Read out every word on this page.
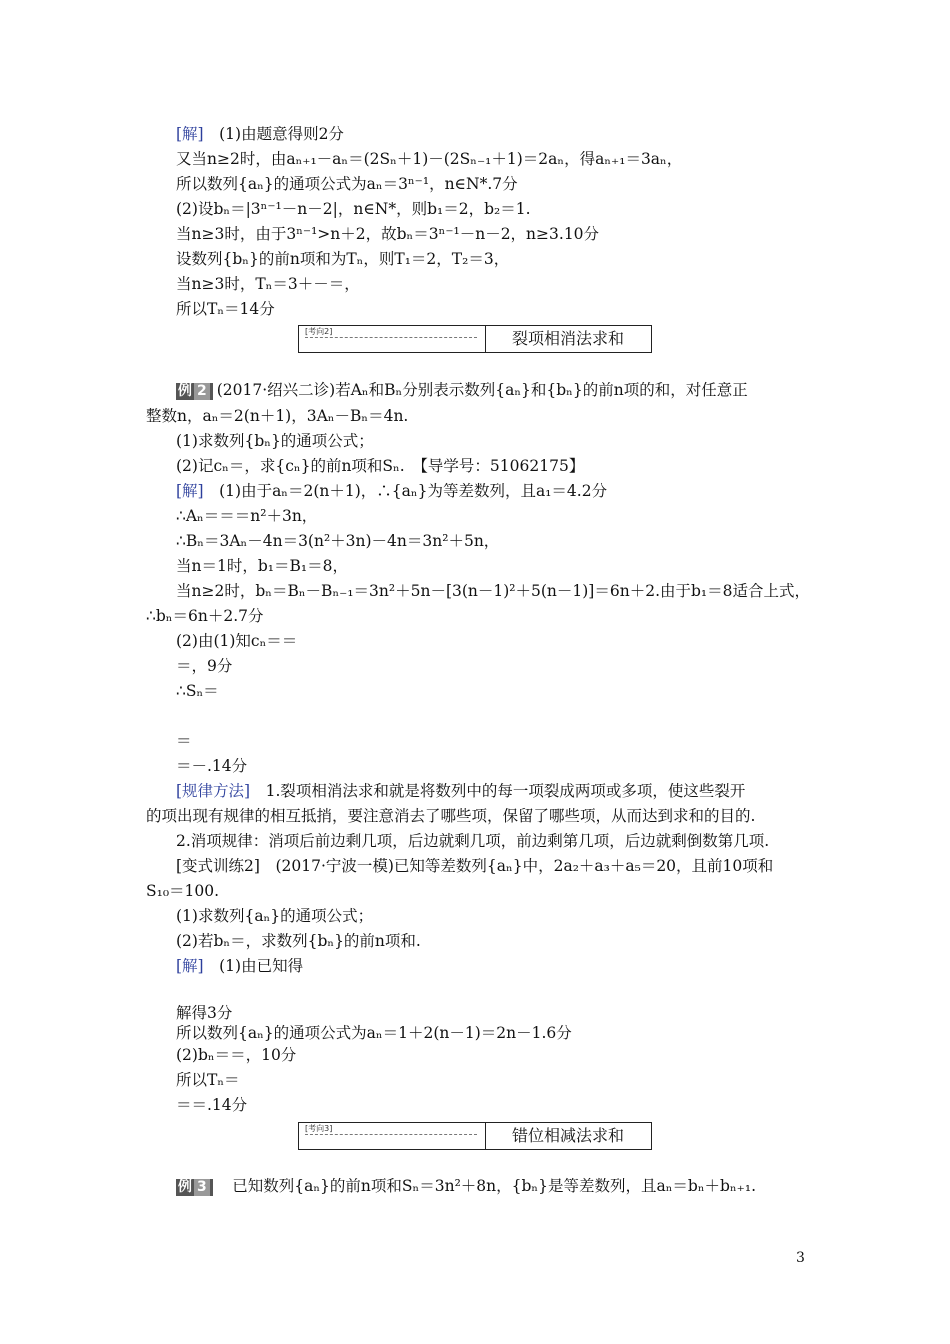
[解]　(1)由题意得则2分
又当n≥2时，由aₙ₊₁－aₙ＝(2Sₙ＋1)－(2Sₙ₋₁＋1)＝2aₙ，得aₙ₊₁＝3aₙ，
所以数列{aₙ}的通项公式为aₙ＝3ⁿ⁻¹，n∈N*.7分
(2)设bₙ＝|3ⁿ⁻¹－n－2|，n∈N*，则b₁＝2，b₂＝1.
当n≥3时，由于3ⁿ⁻¹>n＋2，故bₙ＝3ⁿ⁻¹－n－2，n≥3.10分
设数列{bₙ}的前n项和为Tₙ，则T₁＝2，T₂＝3，
当n≥3时，Tₙ＝3＋－＝，
所以Tₙ＝14分
例 2 (2017·绍兴二诊)若Aₙ和Bₙ分别表示数列{aₙ}和{bₙ}的前n项的和，对任意正
整数n，aₙ＝2(n＋1)，3Aₙ－Bₙ＝4n.
(1)求数列{bₙ}的通项公式；
(2)记cₙ＝，求{cₙ}的前n项和Sₙ.　【导学号：51062175】
[解]　(1)由于aₙ＝2(n＋1)，∴{aₙ}为等差数列，且a₁＝4.2分
∴Aₙ＝＝＝n²＋3n，
∴Bₙ＝3Aₙ－4n＝3(n²＋3n)－4n＝3n²＋5n，
当n＝1时，b₁＝B₁＝8，
当n≥2时，bₙ＝Bₙ－Bₙ₋₁＝3n²＋5n－[3(n－1)²＋5(n－1)]＝6n＋2.由于b₁＝8适合上式，
∴bₙ＝6n＋2.7分
(2)由(1)知cₙ＝＝
＝，9分
∴Sₙ＝
＝
＝－.14分
[规律方法]　1.裂项相消法求和就是将数列中的每一项裂成两项或多项，使这些裂开
的项出现有规律的相互抵捎，要注意消去了哪些项，保留了哪些项，从而达到求和的目的.
2.消项规律：消项后前边剩几项，后边就剩几项，前边剩第几项，后边就剩倒数第几项.
[变式训练2]　(2017·宁波一模)已知等差数列{aₙ}中，2a₂＋a₃＋a₅＝20，且前10项和
S₁₀＝100.
(1)求数列{aₙ}的通项公式；
(2)若bₙ＝，求数列{bₙ}的前n项和.
[解]　(1)由已知得
解得3分
所以数列{aₙ}的通项公式为aₙ＝1＋2(n－1)＝2n－1.6分
(2)bₙ＝＝，10分
所以Tₙ＝
＝＝.14分
例 3　已知数列{aₙ}的前n项和Sₙ＝3n²＋8n，{bₙ}是等差数列，且aₙ＝bₙ＋bₙ₊₁.
[考向2]	裂项相消法求和
[考向3]	错位相减法求和
3
